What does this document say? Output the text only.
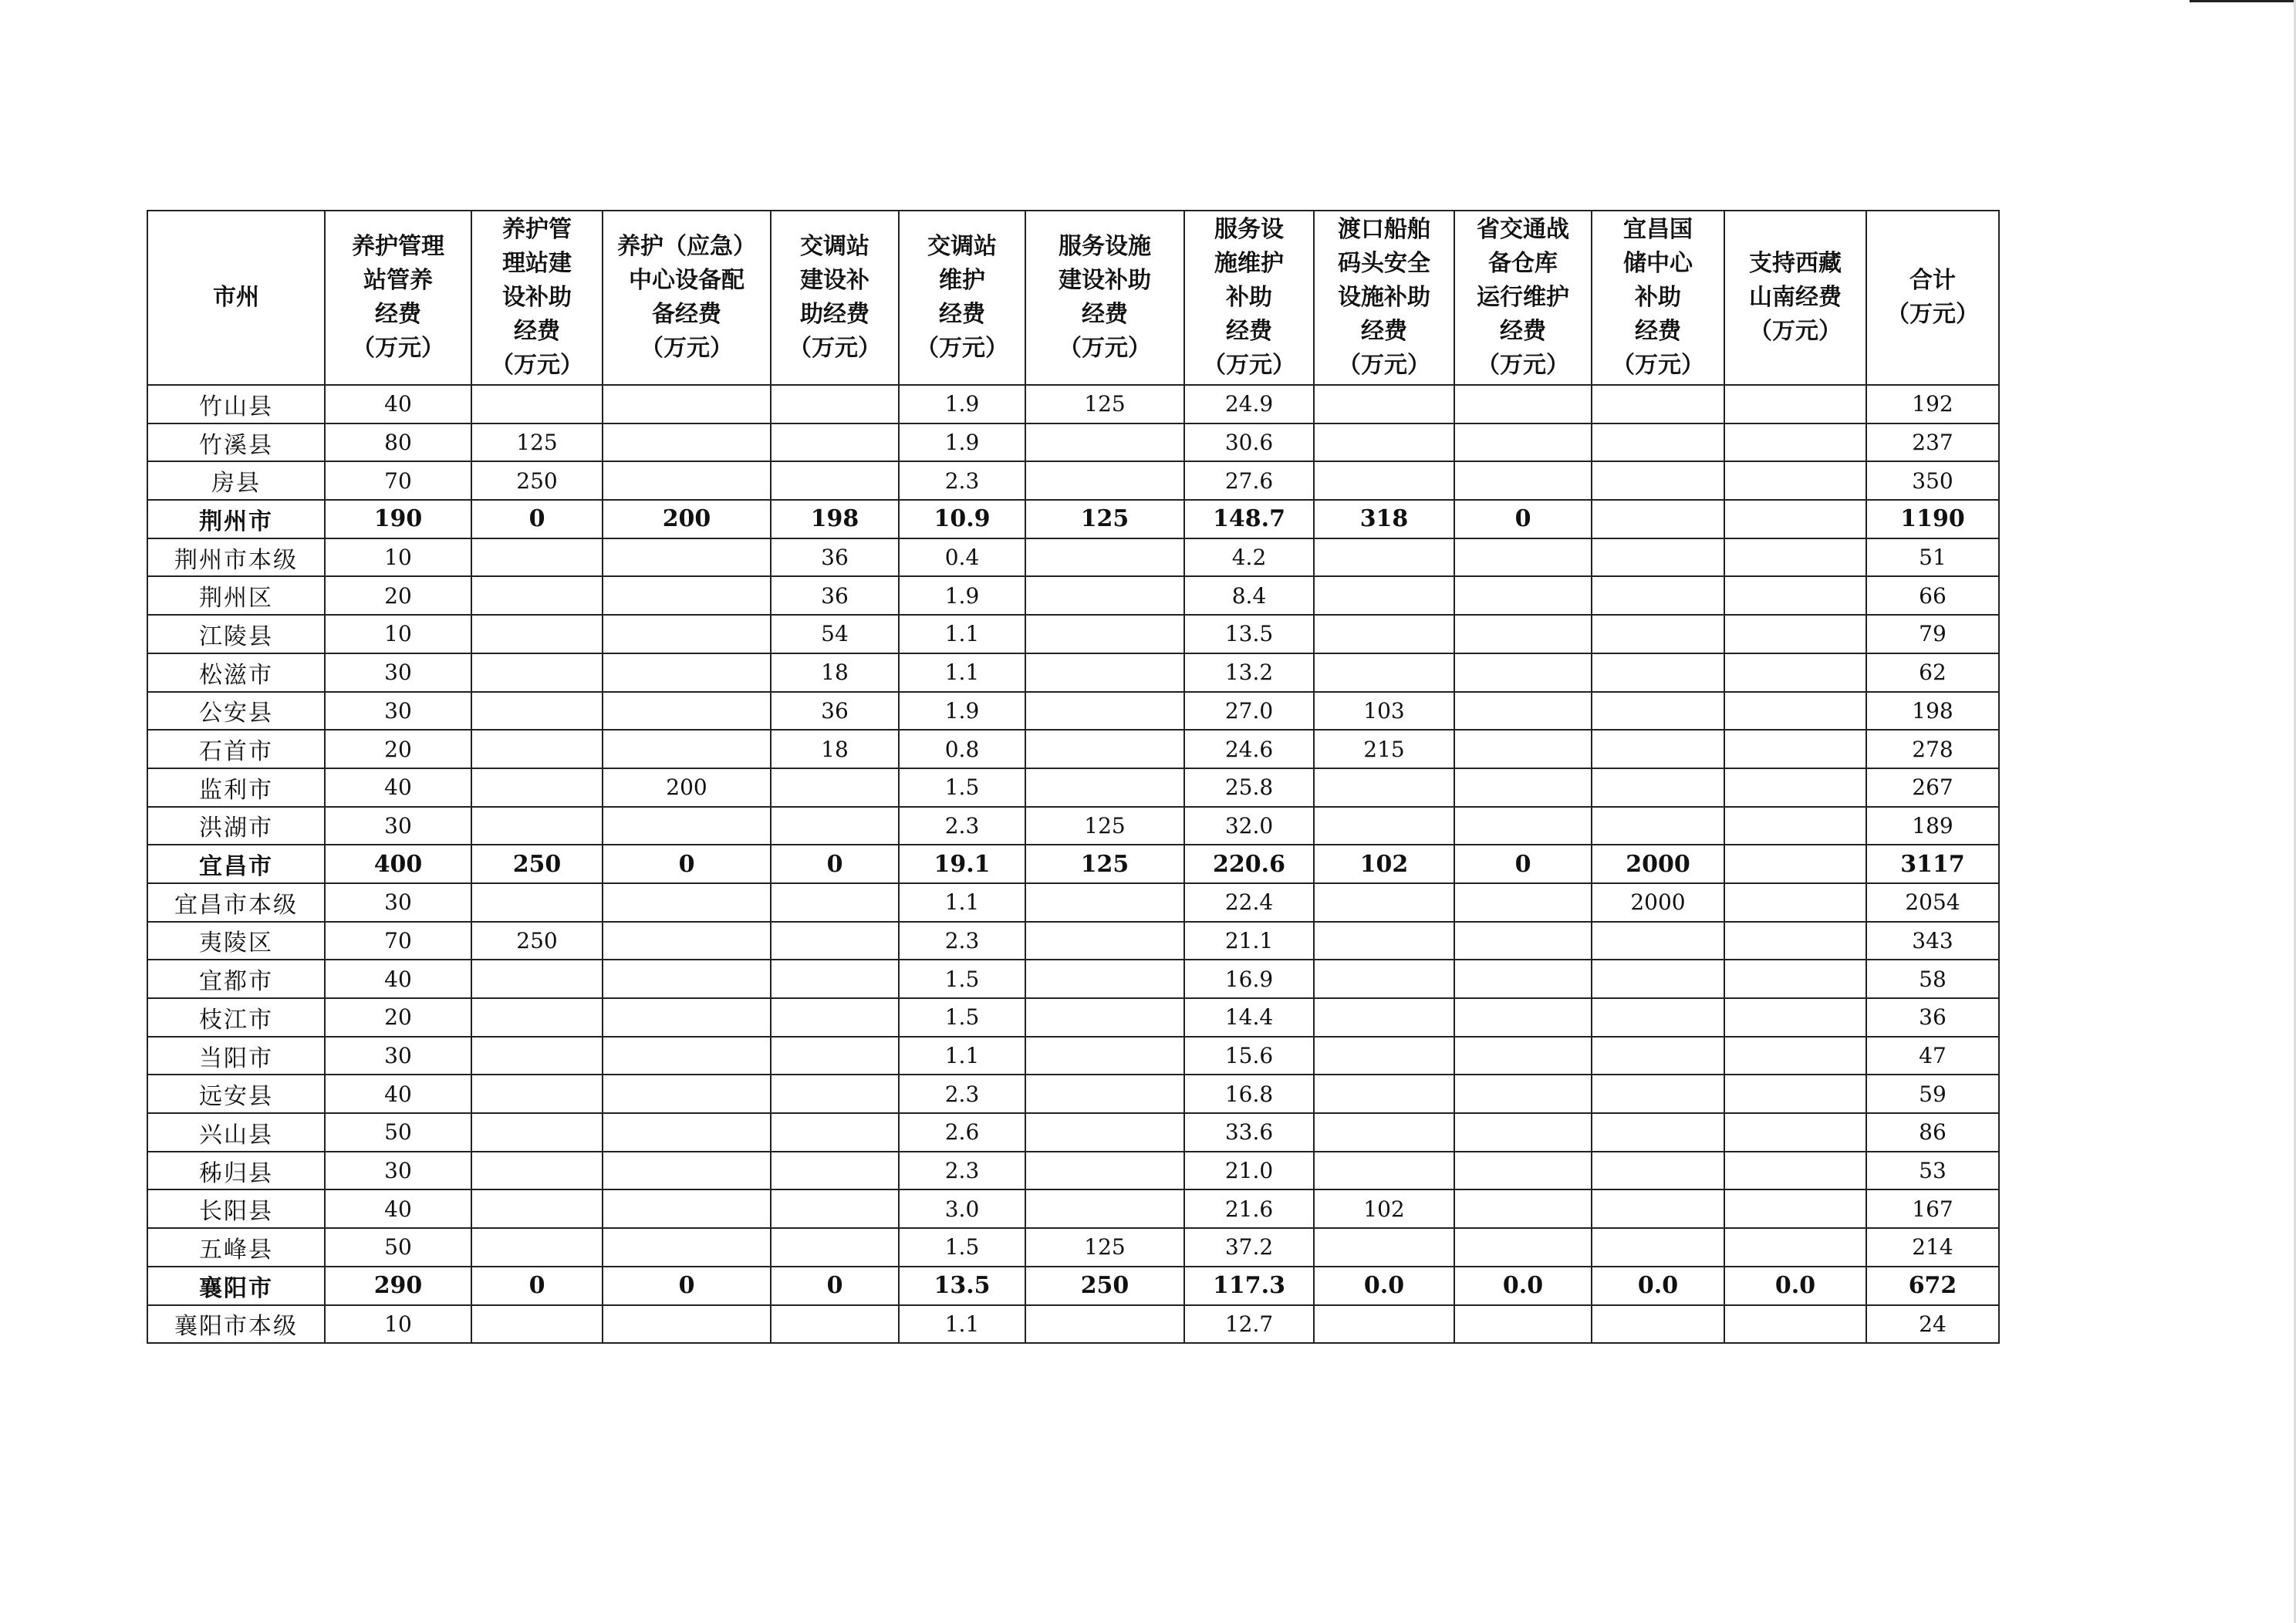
市州	养护管理
站管养
经费
（万元）	养护管
理站建
设补助
经费
（万元）	养护（应急）
中心设备配
备经费
（万元）	交调站
建设补
助经费
（万元）	交调站
维护
经费
（万元）	服务设施
建设补助
经费
（万元）	服务设
施维护
补助
经费
（万元）	渡口船舶
码头安全
设施补助
经费
（万元）	省交通战
备仓库
运行维护
经费
（万元）	宜昌国
储中心
补助
经费
（万元）	支持西藏
山南经费
（万元）	合计
（万元）
竹山县	40				1.9	125	24.9					192
竹溪县	80	125			1.9		30.6					237
房县	70	250			2.3		27.6					350
荆州市	190	0	200	198	10.9	125	148.7	318	0			1190
荆州市本级	10			36	0.4		4.2					51
荆州区	20			36	1.9		8.4					66
江陵县	10			54	1.1		13.5					79
松滋市	30			18	1.1		13.2					62
公安县	30			36	1.9		27.0	103				198
石首市	20			18	0.8		24.6	215				278
监利市	40		200		1.5		25.8					267
洪湖市	30				2.3	125	32.0					189
宜昌市	400	250	0	0	19.1	125	220.6	102	0	2000		3117
宜昌市本级	30				1.1		22.4			2000		2054
夷陵区	70	250			2.3		21.1					343
宜都市	40				1.5		16.9					58
枝江市	20				1.5		14.4					36
当阳市	30				1.1		15.6					47
远安县	40				2.3		16.8					59
兴山县	50				2.6		33.6					86
秭归县	30				2.3		21.0					53
长阳县	40				3.0		21.6	102				167
五峰县	50				1.5	125	37.2					214
襄阳市	290	0	0	0	13.5	250	117.3	0.0	0.0	0.0	0.0	672
襄阳市本级	10				1.1		12.7					24
